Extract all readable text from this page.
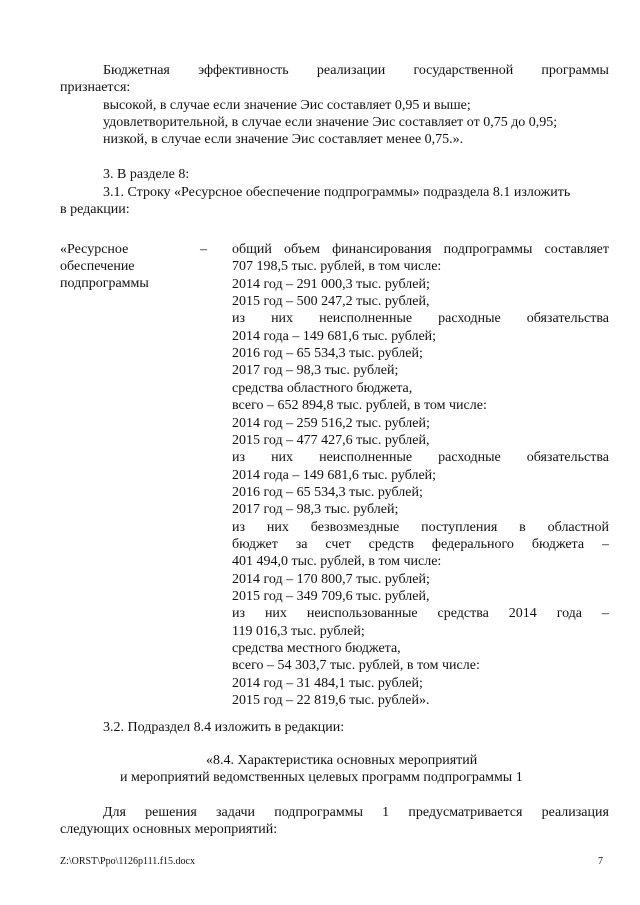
Бюджетная эффективность реализации государственной программы
признается:
высокой, в случае если значение Эис составляет 0,95 и выше;
удовлетворительной, в случае если значение Эис составляет от 0,75 до 0,95;
низкой, в случае если значение Эис составляет менее 0,75.».
3. В разделе 8:
3.1. Строку «Ресурсное обеспечение подпрограммы» подраздела 8.1 изложить
в редакции:
«Ресурсное	–
обеспечение
подпрограммы
общий объем финансирования подпрограммы составляет
707 198,5 тыс. рублей, в том числе:
2014 год – 291 000,3 тыс. рублей;
2015 год – 500 247,2 тыс. рублей,
из них неисполненные расходные обязательства
2014 года – 149 681,6 тыс. рублей;
2016 год – 65 534,3 тыс. рублей;
2017 год – 98,3 тыс. рублей;
средства областного бюджета,
всего – 652 894,8 тыс. рублей, в том числе:
2014 год – 259 516,2 тыс. рублей;
2015 год – 477 427,6 тыс. рублей,
из них неисполненные расходные обязательства
2014 года – 149 681,6 тыс. рублей;
2016 год – 65 534,3 тыс. рублей;
2017 год – 98,3 тыс. рублей;
из них безвозмездные поступления в областной
бюджет за счет средств федерального бюджета –
401 494,0 тыс. рублей, в том числе:
2014 год – 170 800,7 тыс. рублей;
2015 год – 349 709,6 тыс. рублей,
из них неиспользованные средства 2014 года –
119 016,3 тыс. рублей;
средства местного бюджета,
всего – 54 303,7 тыс. рублей, в том числе:
2014 год – 31 484,1 тыс. рублей;
2015 год – 22 819,6 тыс. рублей».
3.2. Подраздел 8.4 изложить в редакции:
«8.4. Характеристика основных мероприятий
и мероприятий ведомственных целевых программ подпрограммы 1
Для решения задачи подпрограммы 1 предусматривается реализация
следующих основных мероприятий:
Z:\ORST\Ppo\1126p111.f15.docx	7
